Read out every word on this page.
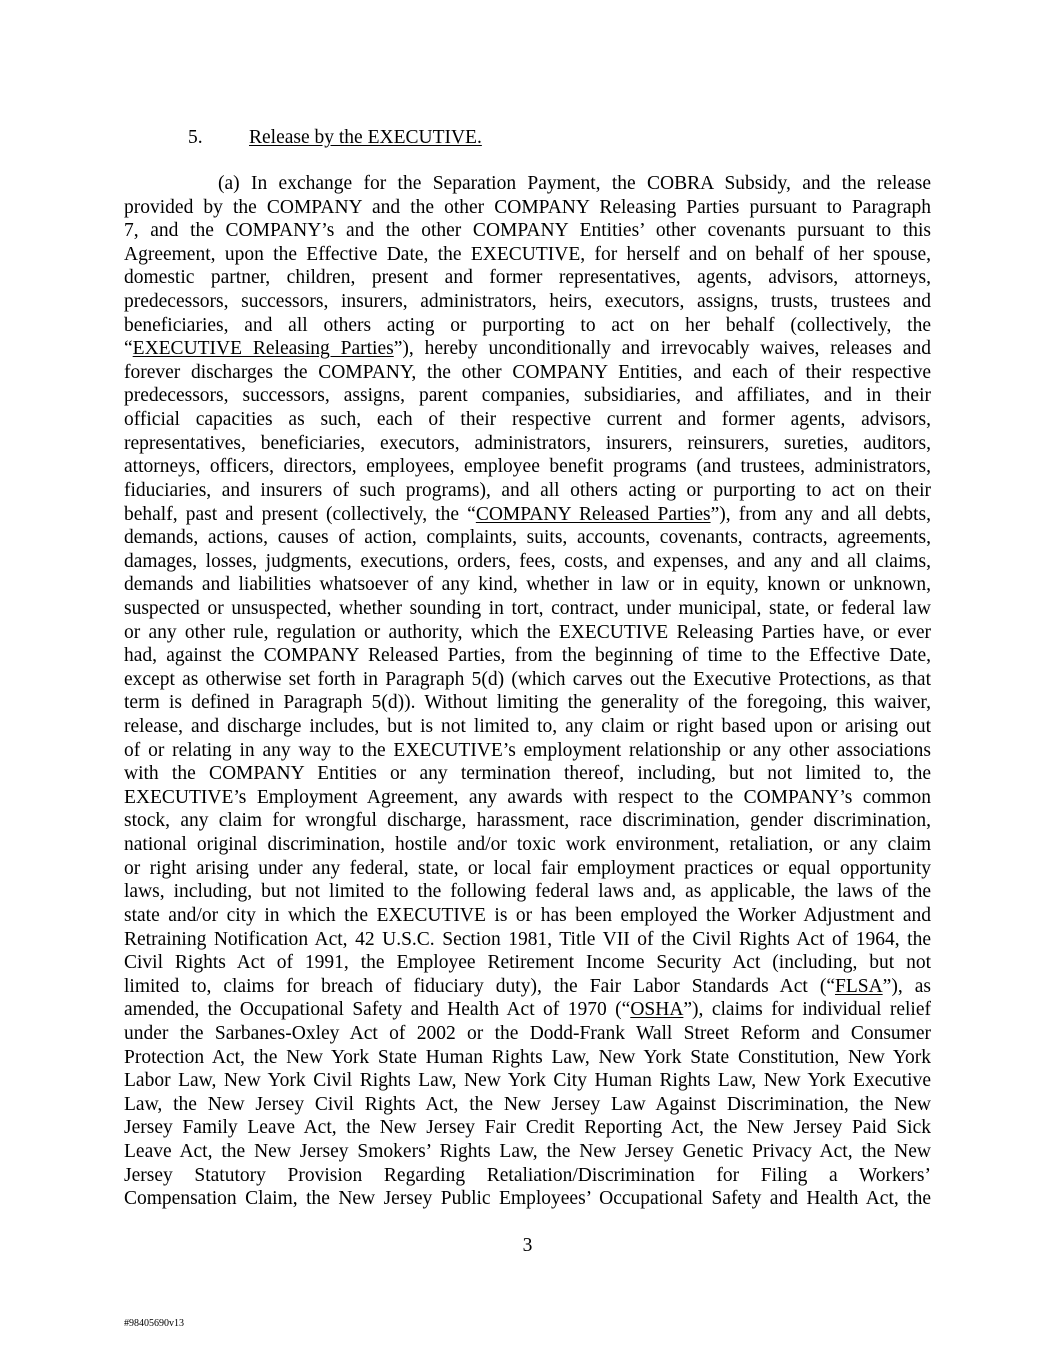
5. Release by the EXECUTIVE.
(a) In exchange for the Separation Payment, the COBRA Subsidy, and the release
provided by the COMPANY and the other COMPANY Releasing Parties pursuant to Paragraph
7, and the COMPANY’s and the other COMPANY Entities’ other covenants pursuant to this
Agreement, upon the Effective Date, the EXECUTIVE, for herself and on behalf of her spouse,
domestic partner, children, present and former representatives, agents, advisors, attorneys,
predecessors, successors, insurers, administrators, heirs, executors, assigns, trusts, trustees and
beneficiaries, and all others acting or purporting to act on her behalf (collectively, the
“EXECUTIVE Releasing Parties”), hereby unconditionally and irrevocably waives, releases and
forever discharges the COMPANY, the other COMPANY Entities, and each of their respective
predecessors, successors, assigns, parent companies, subsidiaries, and affiliates, and in their
official capacities as such, each of their respective current and former agents, advisors,
representatives, beneficiaries, executors, administrators, insurers, reinsurers, sureties, auditors,
attorneys, officers, directors, employees, employee benefit programs (and trustees, administrators,
fiduciaries, and insurers of such programs), and all others acting or purporting to act on their
behalf, past and present (collectively, the “COMPANY Released Parties”), from any and all debts,
demands, actions, causes of action, complaints, suits, accounts, covenants, contracts, agreements,
damages, losses, judgments, executions, orders, fees, costs, and expenses, and any and all claims,
demands and liabilities whatsoever of any kind, whether in law or in equity, known or unknown,
suspected or unsuspected, whether sounding in tort, contract, under municipal, state, or federal law
or any other rule, regulation or authority, which the EXECUTIVE Releasing Parties have, or ever
had, against the COMPANY Released Parties, from the beginning of time to the Effective Date,
except as otherwise set forth in Paragraph 5(d) (which carves out the Executive Protections, as that
term is defined in Paragraph 5(d)). Without limiting the generality of the foregoing, this waiver,
release, and discharge includes, but is not limited to, any claim or right based upon or arising out
of or relating in any way to the EXECUTIVE’s employment relationship or any other associations
with the COMPANY Entities or any termination thereof, including, but not limited to, the
EXECUTIVE’s Employment Agreement, any awards with respect to the COMPANY’s common
stock, any claim for wrongful discharge, harassment, race discrimination, gender discrimination,
national original discrimination, hostile and/or toxic work environment, retaliation, or any claim
or right arising under any federal, state, or local fair employment practices or equal opportunity
laws, including, but not limited to the following federal laws and, as applicable, the laws of the
state and/or city in which the EXECUTIVE is or has been employed the Worker Adjustment and
Retraining Notification Act, 42 U.S.C. Section 1981, Title VII of the Civil Rights Act of 1964, the
Civil Rights Act of 1991, the Employee Retirement Income Security Act (including, but not
limited to, claims for breach of fiduciary duty), the Fair Labor Standards Act (“FLSA”), as
amended, the Occupational Safety and Health Act of 1970 (“OSHA”), claims for individual relief
under the Sarbanes-Oxley Act of 2002 or the Dodd-Frank Wall Street Reform and Consumer
Protection Act, the New York State Human Rights Law, New York State Constitution, New York
Labor Law, New York Civil Rights Law, New York City Human Rights Law, New York Executive
Law, the New Jersey Civil Rights Act, the New Jersey Law Against Discrimination, the New
Jersey Family Leave Act, the New Jersey Fair Credit Reporting Act, the New Jersey Paid Sick
Leave Act, the New Jersey Smokers’ Rights Law, the New Jersey Genetic Privacy Act, the New
Jersey Statutory Provision Regarding Retaliation/Discrimination for Filing a Workers’
Compensation Claim, the New Jersey Public Employees’ Occupational Safety and Health Act, the
3
#98405690v13
